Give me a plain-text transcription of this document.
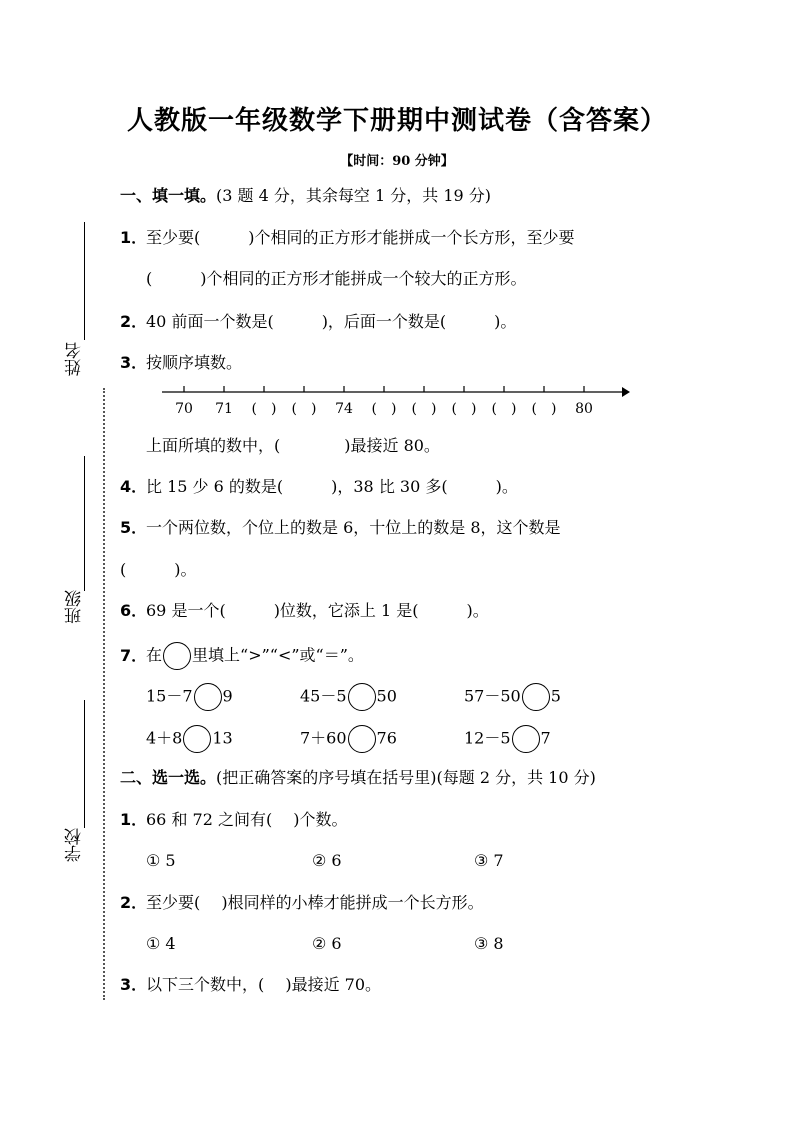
姓名
班级
学校
人教版一年级数学下册期中测试卷（含答案）
【时间：90 分钟】
一、填一填。(3 题 4 分，其余每空 1 分，共 19 分)
1．至少要(　　　)个相同的正方形才能拼成一个长方形，至少要
(　　　)个相同的正方形才能拼成一个较大的正方形。
2．40 前面一个数是(　　　)，后面一个数是(　　　)。
3．按顺序填数。
70 71 (　) (　) 74 (　) (　) (　) (　) (　) 80
上面所填的数中，(　　　　)最接近 80。
4．比 15 少 6 的数是(　　　)，38 比 30 多(　　　)。
5．一个两位数，个位上的数是 6，十位上的数是 8，这个数是
(　　　)。
6．69 是一个(　　　)位数，它添上 1 是(　　　)。
7．在 里填上“>”“<”或“＝”。
15－7 9	45－5 50	57－50 5
4＋8 13	7＋60 76	12－5 7
二、选一选。(把正确答案的序号填在括号里)(每题 2 分，共 10 分)
1．66 和 72 之间有(　 )个数。
① 5	② 6	③ 7
2．至少要(　 )根同样的小棒才能拼成一个长方形。
① 4	② 6	③ 8
3．以下三个数中，(　 )最接近 70。
